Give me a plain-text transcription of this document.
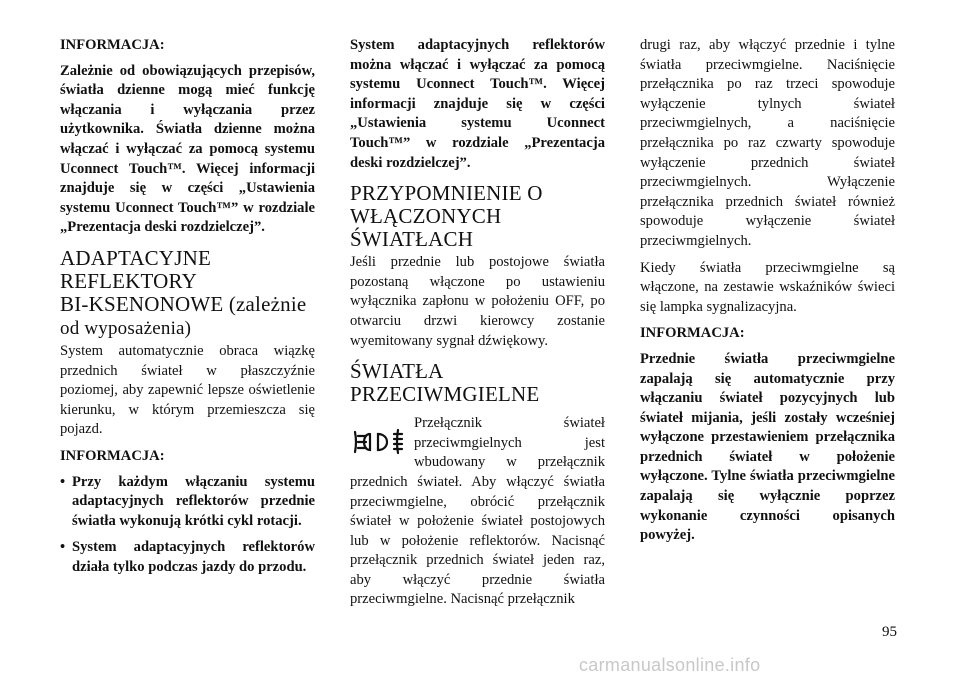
INFORMACJA:

Zależnie od obowiązujących przepisów, światła dzienne mogą mieć funkcję włączania i wyłączania przez użytkownika. Światła dzienne można włączać i wyłączać za pomocą systemu Uconnect Touch™. Więcej informacji znajduje się w części „Ustawienia systemu Uconnect Touch™” w rozdziale „Prezentacja deski rozdzielczej”.

ADAPTACYJNE
REFLEKTORY
BI-KSENONOWE (zależnie
od wyposażenia)

System automatycznie obraca wiązkę przednich świateł w płaszczyźnie poziomej, aby zapewnić lepsze oświetlenie kierunku, w którym przemieszcza się pojazd.

INFORMACJA:

• Przy każdym włączaniu systemu adaptacyjnych reflektorów przednie światła wykonują krótki cykl rotacji.
• System adaptacyjnych reflektorów działa tylko podczas jazdy do przodu.

System adaptacyjnych reflektorów można włączać i wyłączać za pomocą systemu Uconnect Touch™. Więcej informacji znajduje się w części „Ustawienia systemu Uconnect Touch™” w rozdziale „Prezentacja deski rozdzielczej”.

PRZYPOMNIENIE O
WŁĄCZONYCH
ŚWIATŁACH

Jeśli przednie lub postojowe światła pozostaną włączone po ustawieniu wyłącznika zapłonu w położeniu OFF, po otwarciu drzwi kierowcy zostanie wyemitowany sygnał dźwiękowy.

ŚWIATŁA
PRZECIWMGIELNE

Przełącznik świateł przeciwmgielnych jest wbudowany w przełącznik przednich świateł. Aby włączyć światła przeciwmgielne, obrócić przełącznik świateł w położenie świateł postojowych lub w położenie reflektorów. Nacisnąć przełącznik przednich świateł jeden raz, aby włączyć przednie światła przeciwmgielne. Nacisnąć przełącznik

drugi raz, aby włączyć przednie i tylne światła przeciwmgielne. Naciśnięcie przełącznika po raz trzeci spowoduje wyłączenie tylnych świateł przeciwmgielnych, a naciśnięcie przełącznika po raz czwarty spowoduje wyłączenie przednich świateł przeciwmgielnych. Wyłączenie przełącznika przednich świateł również spowoduje wyłączenie świateł przeciwmgielnych.

Kiedy światła przeciwmgielne są włączone, na zestawie wskaźników świeci się lampka sygnalizacyjna.

INFORMACJA:

Przednie światła przeciwmgielne zapalają się automatycznie przy włączaniu świateł pozycyjnych lub świateł mijania, jeśli zostały wcześniej wyłączone przestawieniem przełącznika przednich świateł w położenie wyłączone. Tylne światła przeciwmgielne zapalają się wyłącznie poprzez wykonanie czynności opisanych powyżej.

95
carmanualsonline.info
